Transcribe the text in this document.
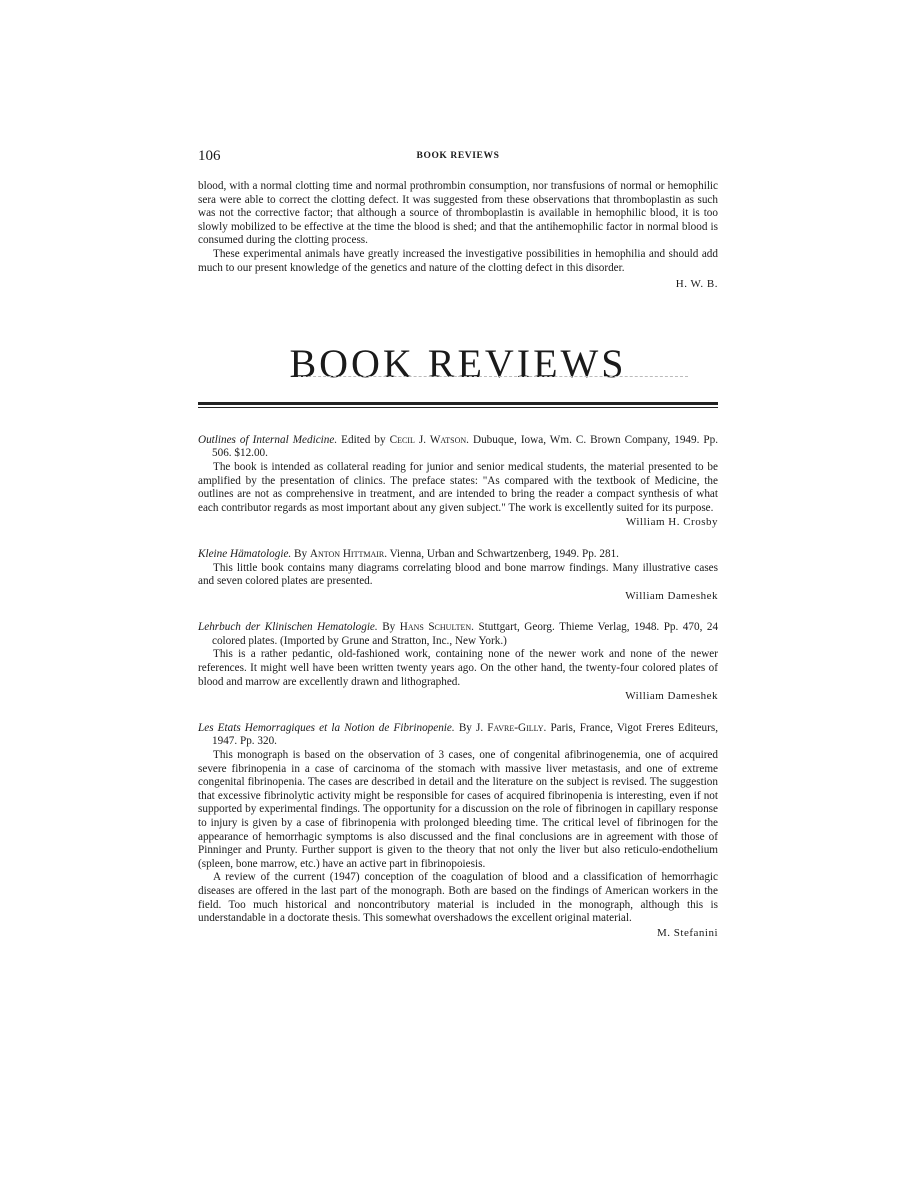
106	BOOK REVIEWS

blood, with a normal clotting time and normal prothrombin consumption, nor transfusions of normal or hemophilic sera were able to correct the clotting defect. It was suggested from these observations that thromboplastin as such was not the corrective factor; that although a source of thromboplastin is available in hemophilic blood, it is too slowly mobilized to be effective at the time the blood is shed; and that the antihemophilic factor in normal blood is consumed during the clotting process.

These experimental animals have greatly increased the investigative possibilities in hemophilia and should add much to our present knowledge of the genetics and nature of the clotting defect in this disorder.

H. W. B.
BOOK REVIEWS
Outlines of Internal Medicine. Edited by Cecil J. Watson. Dubuque, Iowa, Wm. C. Brown Company, 1949. Pp. 506. $12.00.

The book is intended as collateral reading for junior and senior medical students, the material presented to be amplified by the presentation of clinics. The preface states: "As compared with the textbook of Medicine, the outlines are not as comprehensive in treatment, and are intended to bring the reader a compact synthesis of what each contributor regards as most important about any given subject." The work is excellently suited for its purpose.

William H. Crosby
Kleine Hämatologie. By Anton Hittmair. Vienna, Urban and Schwartzenberg, 1949. Pp. 281.

This little book contains many diagrams correlating blood and bone marrow findings. Many illustrative cases and seven colored plates are presented.

William Dameshek
Lehrbuch der Klinischen Hematologie. By Hans Schulten. Stuttgart, Georg. Thieme Verlag, 1948. Pp. 470, 24 colored plates. (Imported by Grune and Stratton, Inc., New York.)

This is a rather pedantic, old-fashioned work, containing none of the newer work and none of the newer references. It might well have been written twenty years ago. On the other hand, the twenty-four colored plates of blood and marrow are excellently drawn and lithographed.

William Dameshek
Les Etats Hemorragiques et la Notion de Fibrinopenie. By J. Favre-Gilly. Paris, France, Vigot Freres Editeurs, 1947. Pp. 320.

This monograph is based on the observation of 3 cases, one of congenital afibrinogenemia, one of acquired severe fibrinopenia in a case of carcinoma of the stomach with massive liver metastasis, and one of extreme congenital fibrinopenia. The cases are described in detail and the literature on the subject is revised. The suggestion that excessive fibrinolytic activity might be responsible for cases of acquired fibrinopenia is interesting, even if not supported by experimental findings. The opportunity for a discussion on the role of fibrinogen in capillary response to injury is given by a case of fibrinopenia with prolonged bleeding time. The critical level of fibrinogen for the appearance of hemorrhagic symptoms is also discussed and the final conclusions are in agreement with those of Pinninger and Prunty. Further support is given to the theory that not only the liver but also reticulo-endothelium (spleen, bone marrow, etc.) have an active part in fibrinopoiesis.

A review of the current (1947) conception of the coagulation of blood and a classification of hemorrhagic diseases are offered in the last part of the monograph. Both are based on the findings of American workers in the field. Too much historical and noncontributory material is included in the monograph, although this is understandable in a doctorate thesis. This somewhat overshadows the excellent original material.

M. Stefanini
